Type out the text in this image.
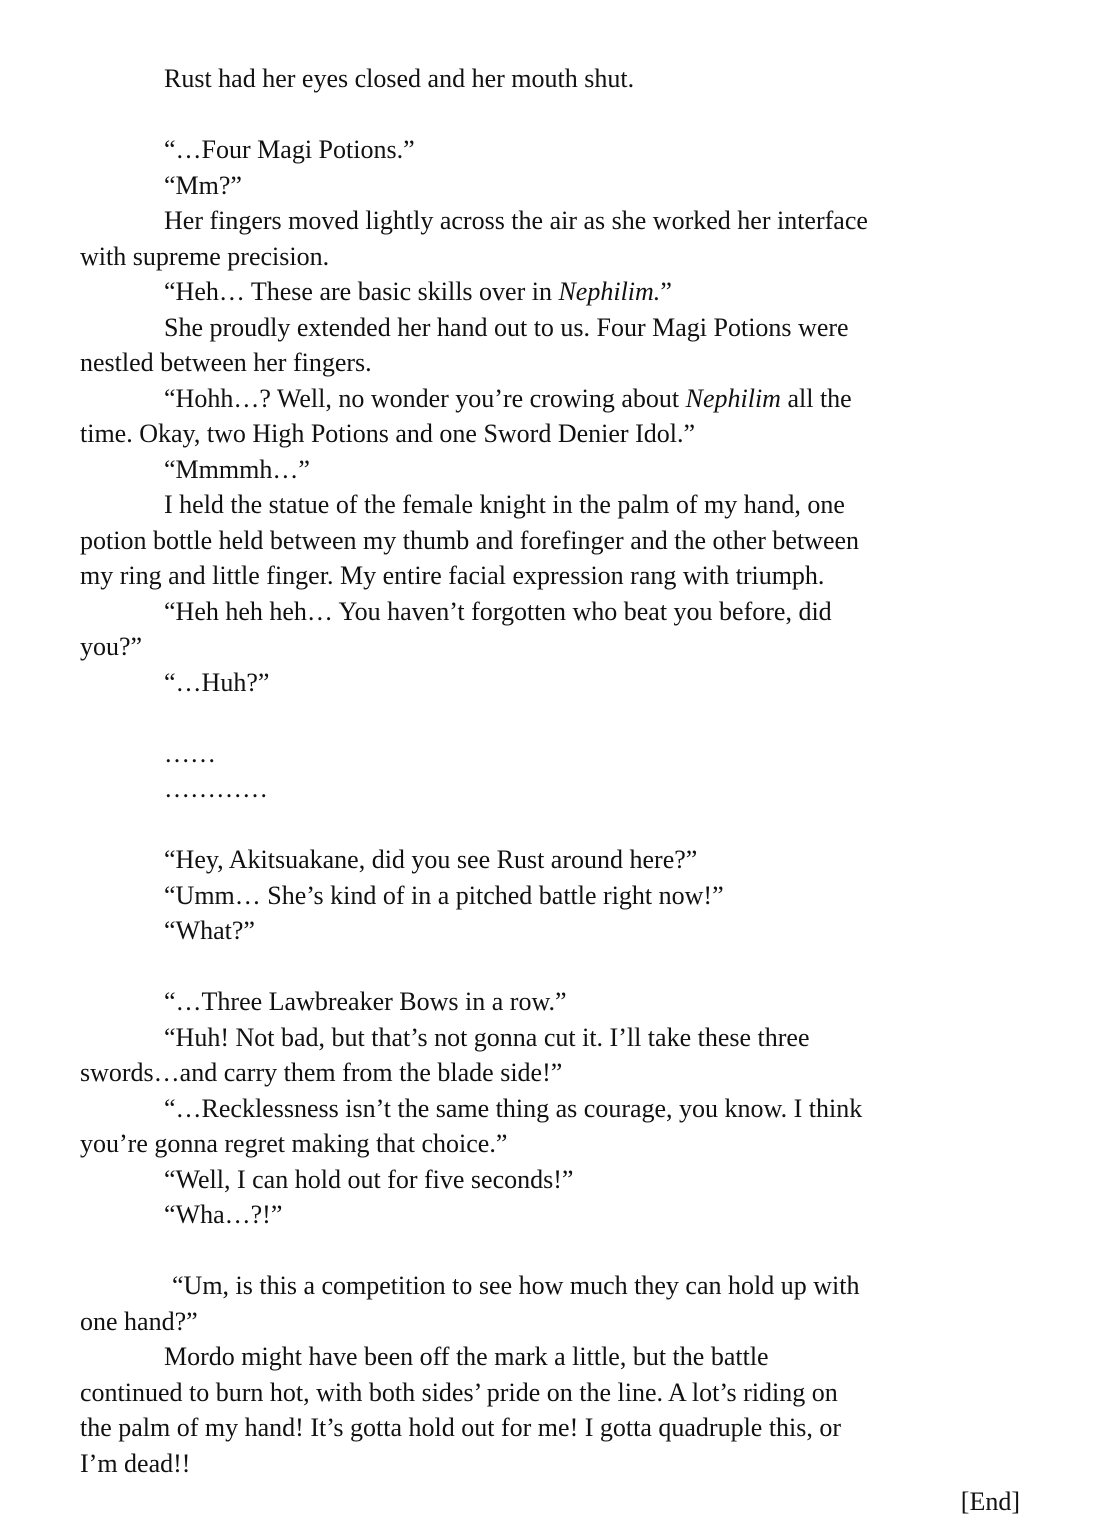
Rust had her eyes closed and her mouth shut.
“…Four Magi Potions.”
“Mm?”
Her fingers moved lightly across the air as she worked her interface
with supreme precision.
“Heh… These are basic skills over in Nephilim.”
She proudly extended her hand out to us. Four Magi Potions were
nestled between her fingers.
“Hohh…? Well, no wonder you’re crowing about Nephilim all the
time. Okay, two High Potions and one Sword Denier Idol.”
“Mmmmh…”
I held the statue of the female knight in the palm of my hand, one
potion bottle held between my thumb and forefinger and the other between
my ring and little finger. My entire facial expression rang with triumph.
“Heh heh heh… You haven’t forgotten who beat you before, did
you?”
“…Huh?”
……
…………
“Hey, Akitsuakane, did you see Rust around here?”
“Umm… She’s kind of in a pitched battle right now!”
“What?”
“…Three Lawbreaker Bows in a row.”
“Huh! Not bad, but that’s not gonna cut it. I’ll take these three
swords…and carry them from the blade side!”
“…Recklessness isn’t the same thing as courage, you know. I think
you’re gonna regret making that choice.”
“Well, I can hold out for five seconds!”
“Wha…?!”
“Um, is this a competition to see how much they can hold up with
one hand?”
Mordo might have been off the mark a little, but the battle
continued to burn hot, with both sides’ pride on the line. A lot’s riding on
the palm of my hand! It’s gotta hold out for me! I gotta quadruple this, or
I’m dead!!
[End]
